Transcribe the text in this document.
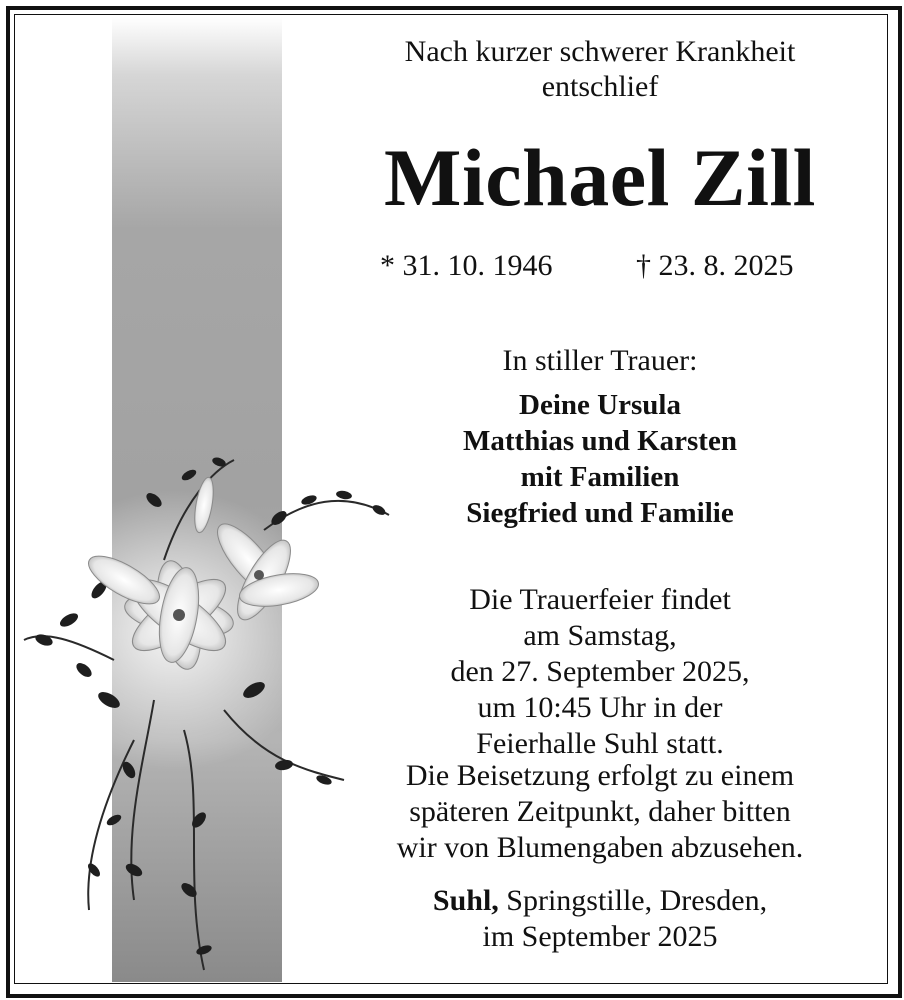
Nach kurzer schwerer Krankheit
entschlief
Michael Zill
* 31. 10. 1946	† 23. 8. 2025
In stiller Trauer:
Deine Ursula
Matthias und Karsten
mit Familien
Siegfried und Familie
Die Trauerfeier findet
am Samstag,
den 27. September 2025,
um 10:45 Uhr in der
Feierhalle Suhl statt.
Die Beisetzung erfolgt zu einem
späteren Zeitpunkt, daher bitten
wir von Blumengaben abzusehen.
Suhl, Springstille, Dresden,
im September 2025
